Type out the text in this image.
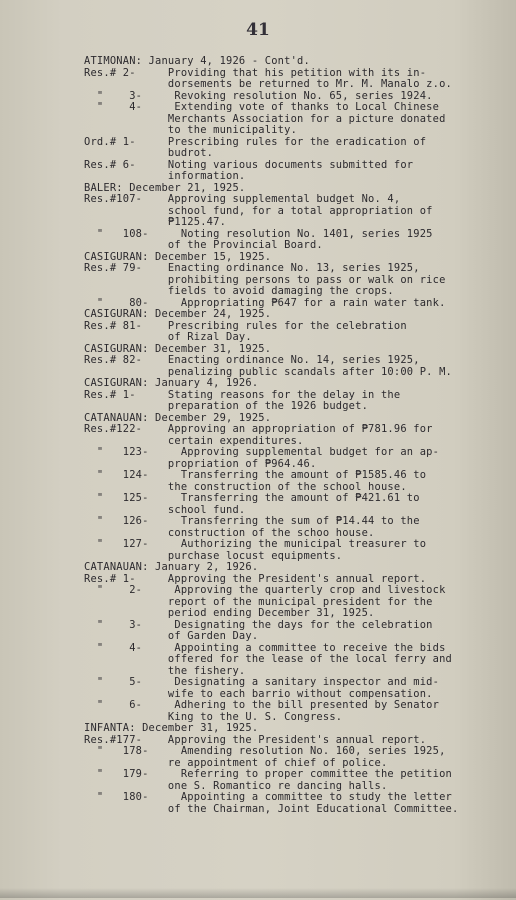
41
ATIMONAN: January 4, 1926 - Cont'd.
Res.# 2-     Providing that his petition with its in-
dorsements be returned to Mr. M. Manalo z.o.
"    3-     Revoking resolution No. 65, series 1924.
"    4-     Extending vote of thanks to Local Chinese
Merchants Association for a picture donated
to the municipality.
Ord.# 1-     Prescribing rules for the eradication of
budrot.
Res.# 6-     Noting various documents submitted for
information.
BALER: December 21, 1925.
Res.#107-    Approving supplemental budget No. 4,
school fund, for a total appropriation of
₱1125.47.
"   108-     Noting resolution No. 1401, series 1925
of the Provincial Board.
CASIGURAN: December 15, 1925.
Res.# 79-    Enacting ordinance No. 13, series 1925,
prohibiting persons to pass or walk on rice
fields to avoid damaging the crops.
"    80-     Appropriating ₱647 for a rain water tank.
CASIGURAN: December 24, 1925.
Res.# 81-    Prescribing rules for the celebration
of Rizal Day.
CASIGURAN: December 31, 1925.
Res.# 82-    Enacting ordinance No. 14, series 1925,
penalizing public scandals after 10:00 P. M.
CASIGURAN: January 4, 1926.
Res.# 1-     Stating reasons for the delay in the
preparation of the 1926 budget.
CATANAUAN: December 29, 1925.
Res.#122-    Approving an appropriation of ₱781.96 for
certain expenditures.
"   123-     Approving supplemental budget for an ap-
propriation of ₱964.46.
"   124-     Transferring the amount of ₱1585.46 to
the construction of the school house.
"   125-     Transferring the amount of ₱421.61 to
school fund.
"   126-     Transferring the sum of ₱14.44 to the
construction of the schoo house.
"   127-     Authorizing the municipal treasurer to
purchase locust equipments.
CATANAUAN: January 2, 1926.
Res.# 1-     Approving the President's annual report.
"    2-     Approving the quarterly crop and livestock
report of the municipal president for the
period ending December 31, 1925.
"    3-     Designating the days for the celebration
of Garden Day.
"    4-     Appointing a committee to receive the bids
offered for the lease of the local ferry and
the fishery.
"    5-     Designating a sanitary inspector and mid-
wife to each barrio without compensation.
"    6-     Adhering to the bill presented by Senator
King to the U. S. Congress.
INFANTA: December 31, 1925.
Res.#177-    Approving the President's annual report.
"   178-     Amending resolution No. 160, series 1925,
re appointment of chief of police.
"   179-     Referring to proper committee the petition
one S. Romantico re dancing halls.
"   180-     Appointing a committee to study the letter
of the Chairman, Joint Educational Committee.
